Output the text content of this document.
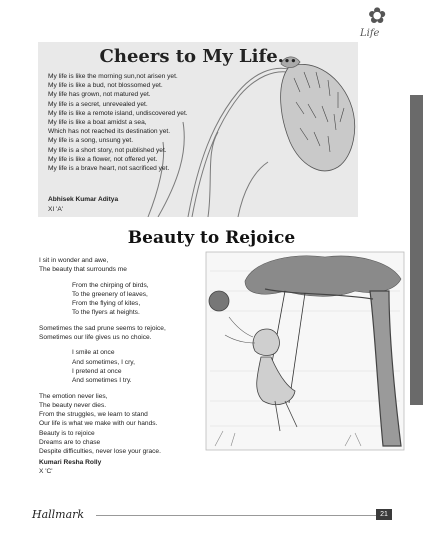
✿
Life
Cheers to My Life...
My life is like the morning sun,not arisen yet.
My life is like a bud, not blossomed yet.
My life has grown, not matured yet.
My life is a secret, unrevealed yet.
My life is like a remote island, undiscovered yet.
My life is like a boat amidst a sea,
Which has not reached its destination yet.
My life is a song, unsung yet.
My life is a short story, not published yet.
My life is like a flower, not offered yet.
My life is a brave heart, not sacrificed yet.
Abhisek Kumar Aditya
XI 'A'
Beauty to Rejoice
I sit in wonder and awe,
The beauty that surrounds me
From the chirping of birds,
To the greenery of leaves,
From the flying of kites,
To the flyers at heights.
Sometimes the sad prune seems to rejoice,
Sometimes our life gives us no choice.
I smile at once
And sometimes, I cry,
I pretend at once
And sometimes I try.
The emotion never lies,
The beauty never dies.
From the struggles, we learn to stand
Our life is what we make with our hands.
Beauty is to rejoice
Dreams are to chase
Despite difficulties, never lose your grace.
Kumari Resha Rolly
X 'C'
Hallmark	21
